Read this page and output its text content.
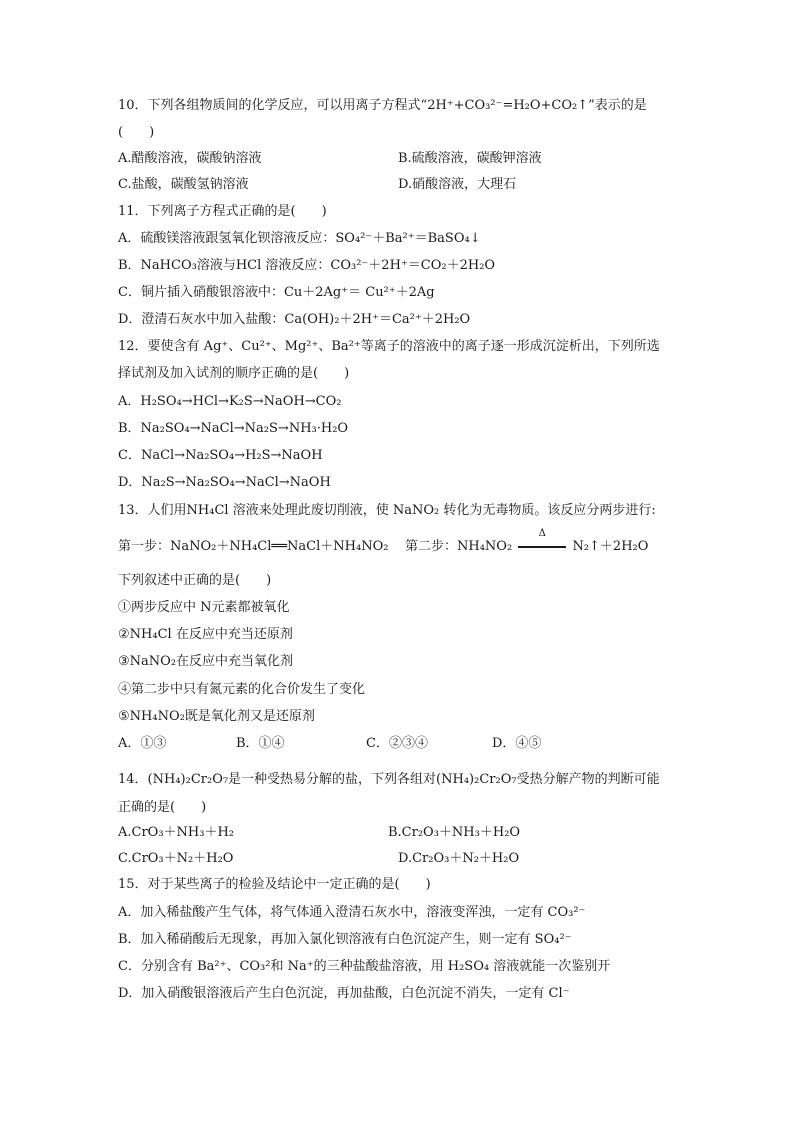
10．下列各组物质间的化学反应，可以用离子方程式“2H⁺+CO₃²⁻=H₂O+CO₂↑”表示的是
(　　)
A.醋酸溶液，碳酸钠溶液	B.硫酸溶液，碳酸钾溶液
C.盐酸，碳酸氢钠溶液	D.硝酸溶液，大理石
11．下列离子方程式正确的是(　　)
A．硫酸镁溶液跟氢氧化钡溶液反应：SO₄²⁻＋Ba²⁺＝BaSO₄↓
B．NaHCO₃溶液与HCl 溶液反应：CO₃²⁻＋2H⁺＝CO₂＋2H₂O
C．铜片插入硝酸银溶液中：Cu＋2Ag⁺＝ Cu²⁺＋2Ag
D．澄清石灰水中加入盐酸：Ca(OH)₂＋2H⁺＝Ca²⁺＋2H₂O
12．要使含有 Ag⁺、Cu²⁺、Mg²⁺、Ba²⁺等离子的溶液中的离子逐一形成沉淀析出，下列所选
择试剂及加入试剂的顺序正确的是(　　)
A．H₂SO₄→HCl→K₂S→NaOH→CO₂
B．Na₂SO₄→NaCl→Na₂S→NH₃·H₂O
C．NaCl→Na₂SO₄→H₂S→NaOH
D．Na₂S→Na₂SO₄→NaCl→NaOH
13．人们用NH₄Cl 溶液来处理此废切削液，使 NaNO₂ 转化为无毒物质。该反应分两步进行:
第一步：NaNO₂＋NH₄Cl══NaCl＋NH₄NO₂ 第二步：NH₄NO₂
Δ
N₂↑＋2H₂O
下列叙述中正确的是(　　)
①两步反应中 N元素都被氧化
②NH₄Cl 在反应中充当还原剂
③NaNO₂在反应中充当氧化剂
④第二步中只有氮元素的化合价发生了变化
⑤NH₄NO₂既是氧化剂又是还原剂
A．①③	B．①④	C．②③④	D．④⑤
14．(NH₄)₂Cr₂O₇是一种受热易分解的盐，下列各组对(NH₄)₂Cr₂O₇受热分解产物的判断可能
正确的是(　　)
A.CrO₃＋NH₃＋H₂	B.Cr₂O₃＋NH₃＋H₂O
C.CrO₃＋N₂＋H₂O	D.Cr₂O₃＋N₂＋H₂O
15．对于某些离子的检验及结论中一定正确的是(　　)
A．加入稀盐酸产生气体，将气体通入澄清石灰水中，溶液变浑浊，一定有 CO₃²⁻
B．加入稀硝酸后无现象，再加入氯化钡溶液有白色沉淀产生，则一定有 SO₄²⁻
C．分别含有 Ba²⁺、CO₃²和 Na⁺的三种盐酸盐溶液，用 H₂SO₄ 溶液就能一次鉴别开
D．加入硝酸银溶液后产生白色沉淀，再加盐酸，白色沉淀不消失，一定有 Cl⁻
